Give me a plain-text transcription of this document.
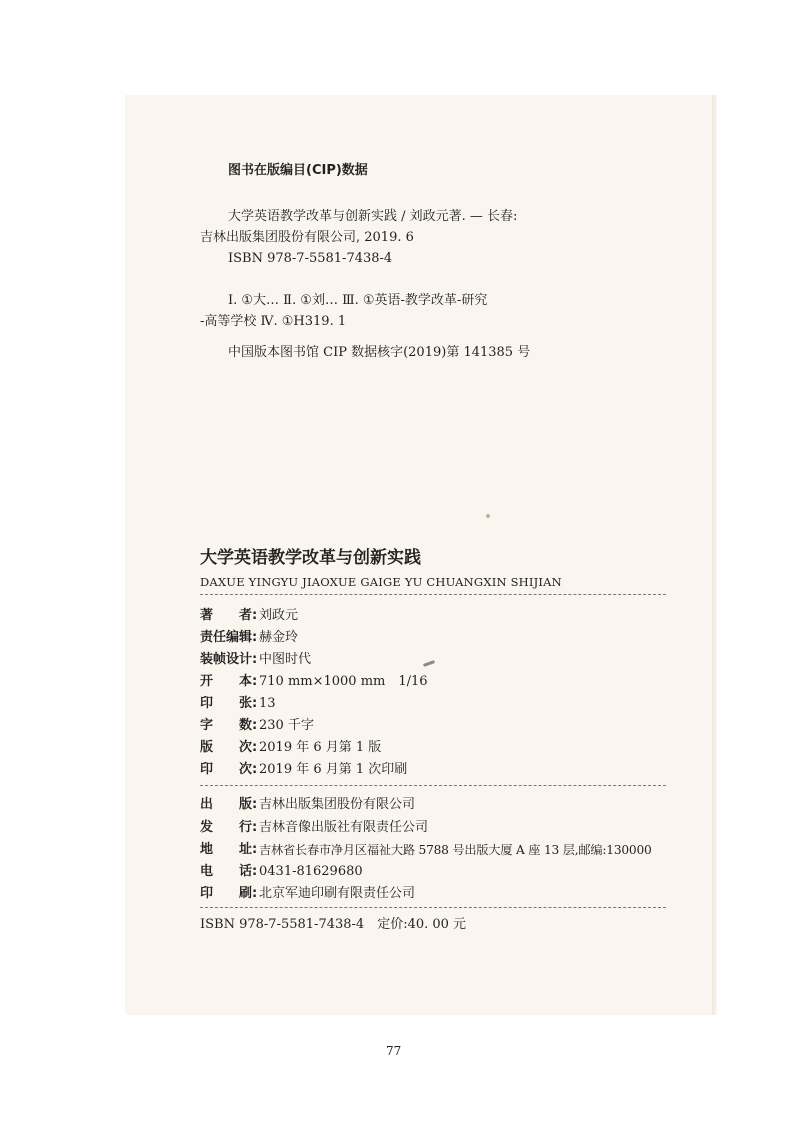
图书在版编目(CIP)数据
大学英语教学改革与创新实践 / 刘政元著. — 长春:
吉林出版集团股份有限公司, 2019. 6
ISBN 978-7-5581-7438-4
Ⅰ. ①大… Ⅱ. ①刘… Ⅲ. ①英语-教学改革-研究
-高等学校 Ⅳ. ①H319. 1
中国版本图书馆 CIP 数据核字(2019)第 141385 号
大学英语教学改革与创新实践
DAXUE YINGYU JIAOXUE GAIGE YU CHUANGXIN SHIJIAN
著　　者: 刘政元
责任编辑: 赫金玲
装帧设计: 中图时代
开　　本: 710 mm×1000 mm　1/16
印　　张: 13
字　　数: 230 千字
版　　次: 2019 年 6 月第 1 版
印　　次: 2019 年 6 月第 1 次印刷
出　　版: 吉林出版集团股份有限公司
发　　行: 吉林音像出版社有限责任公司
地　　址: 吉林省长春市净月区福祉大路 5788 号出版大厦 A 座 13 层,邮编:130000
电　　话: 0431-81629680
印　　刷: 北京军迪印刷有限责任公司
ISBN 978-7-5581-7438-4　定价:40. 00 元
77
